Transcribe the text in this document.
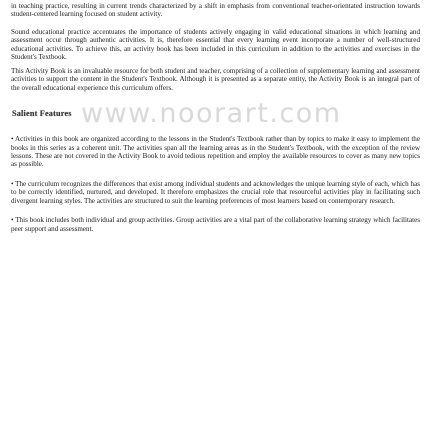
in teaching practice, resulting in current trends characterized by a shift in emphasis from conventional teacher-orientated instruction towards student-centered learning focused on student activity.

Sound educational practice accentuates the importance of students actively engaging in valid educational situations in which learning and assessment occur through authentic activities. It is, therefore essential that every learning event incorporate a number of well-structured educational activities. To achieve this, an activity book has been included in this curriculum in addition to the activities and exercises in the Student's Textbook.

This Activity Book is an invaluable resource for both student and teacher, comprising of a collection of supplementary learning and assessment activities to support the content in the Student's Textbook. Although it is presented as a separate entity, the Activity Book is an integral part of the overall educational experience this curriculum offers.

www.noorart.com
Salient Features

• Activities in this book are organized according to the lessons in the Student's Textbook rather than by topics to make it easy to implement the books in this series as a coherent unit. The activities span all the learning areas as in the Student's Textbook, with the exception of the review lessons. These are not covered in the Activity Book to avoid tedious repetition and employ the available resources to cover as many new topics as possible.

• The curriculum recognizes the differences that exist among individual students and acknowledges the unique learning style of each, which has to be correctly identified, nurtured, and developed. It therefore emphasizes the crucial role that resourceful activities play in facilitating such divergent learning styles. The activities are structured to suit the learning preferences of most learners based on contemporary research.

• This book includes both individual and group activities. Group activities are a vital part of the collaborative learning strategy which facilitates peer support and assessment.
